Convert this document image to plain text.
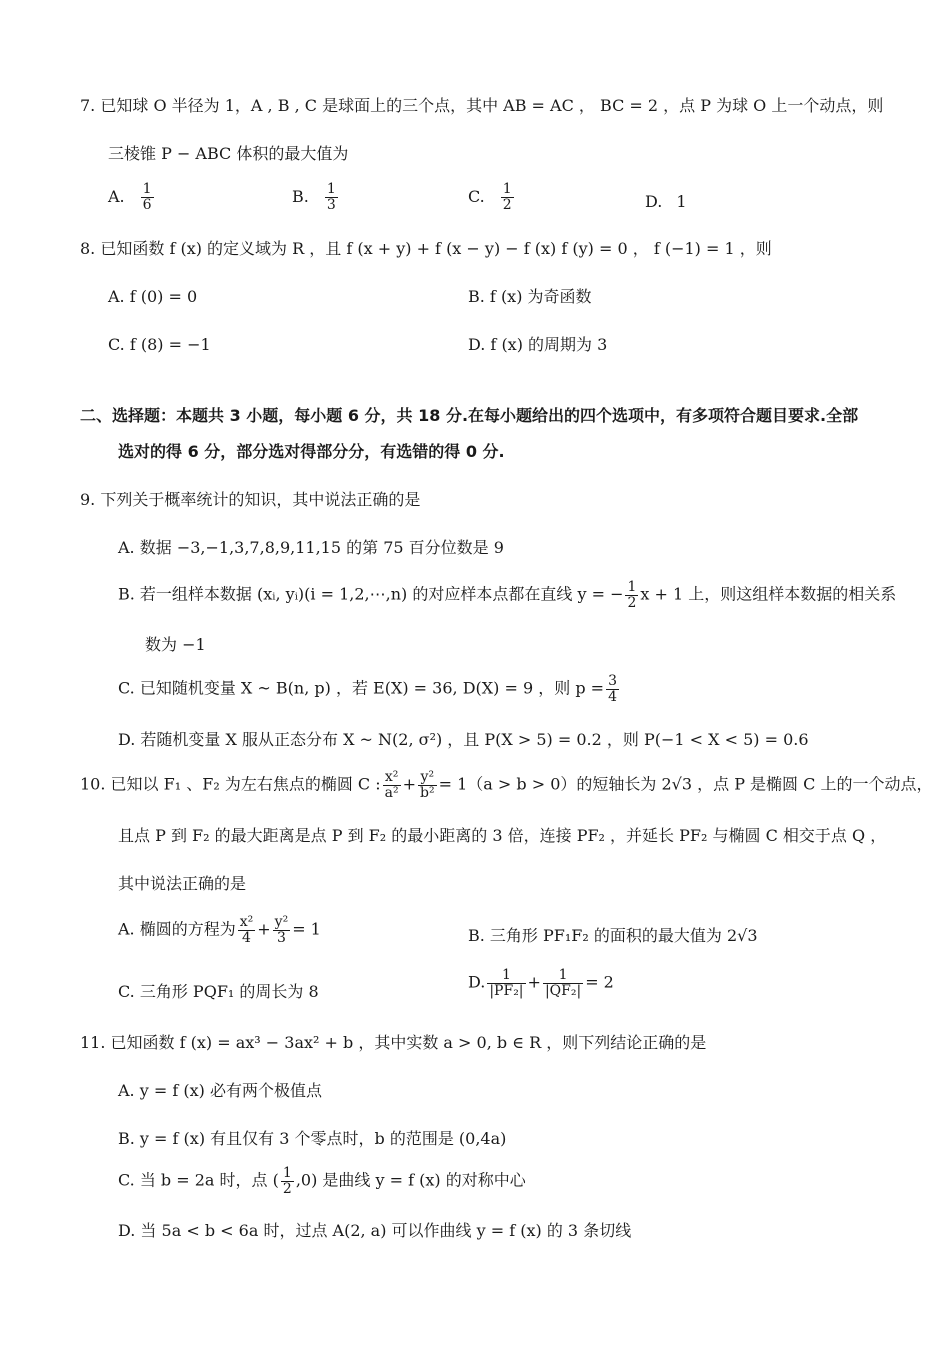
7. 已知球 O 半径为 1，A , B , C 是球面上的三个点，其中 AB = AC ， BC = 2 ，点 P 为球 O 上一个动点，则
三棱锥 P − ABC 体积的最大值为
A. $\frac{1}{6}$	B. $\frac{1}{3}$	C. $\frac{1}{2}$	D. 1
8. 已知函数 f (x) 的定义域为 R ，且 f (x + y) + f (x − y) − f (x) f (y) = 0 ， f (−1) = 1 ，则
A. f (0) = 0	B. f (x) 为奇函数
C. f (8) = −1	D. f (x) 的周期为 3
二、选择题：本题共 3 小题，每小题 6 分，共 18 分.在每小题给出的四个选项中，有多项符合题目要求.全部
选对的得 6 分，部分选对得部分分，有选错的得 0 分.
9. 下列关于概率统计的知识，其中说法正确的是
A. 数据 −3,−1,3,7,8,9,11,15 的第 75 百分位数是 9
B. 若一组样本数据 (xᵢ, yᵢ)(i = 1,2,⋯,n) 的对应样本点都在直线 y = − $\frac{1}{2}$ x + 1 上，则这组样本数据的相关系
数为 −1
C. 已知随机变量 X ~ B(n, p) ，若 E(X) = 36, D(X) = 9 ，则 $p = \frac{3}{4}$
D. 若随机变量 X 服从正态分布 X ~ N(2, σ²) ，且 P(X > 5) = 0.2 ，则 P(−1 < X < 5) = 0.6
10. 已知以 F₁ 、F₂ 为左右焦点的椭圆 C : $\frac{\text{x²}}{\text{a²}} + \frac{\text{y²}}{\text{b²}} = 1(a > b > 0)$的短轴长为 2√3 ，点 P 是椭圆 C 上的一个动点，
且点 P 到 F₂ 的最大距离是点 P 到 F₂ 的最小距离的 3 倍，连接 PF₂ ，并延长 PF₂ 与椭圆 C 相交于点 Q ，
其中说法正确的是
A. 椭圆的方程为 $\frac{\text{x²}}{4} + \frac{\text{y²}}{3} = 1$	B. 三角形 PF₁F₂ 的面积的最大值为 2√3
C. 三角形 PQF₁ 的周长为 8	D. $\frac{1}{\text{|PF₂|}} + \frac{1}{\text{|QF₂|}} = 2$
11. 已知函数 f (x) = ax³ − 3ax² + b ，其中实数 a > 0, b ∈ R ，则下列结论正确的是
A. y = f (x) 必有两个极值点
B. y = f (x) 有且仅有 3 个零点时，b 的范围是 (0,4a)
C. 当 b = 2a 时，点 ( $\frac{1}{2} ,0$) 是曲线 y = f (x) 的对称中心
D. 当 5a < b < 6a 时，过点 A(2, a) 可以作曲线 y = f (x) 的 3 条切线
